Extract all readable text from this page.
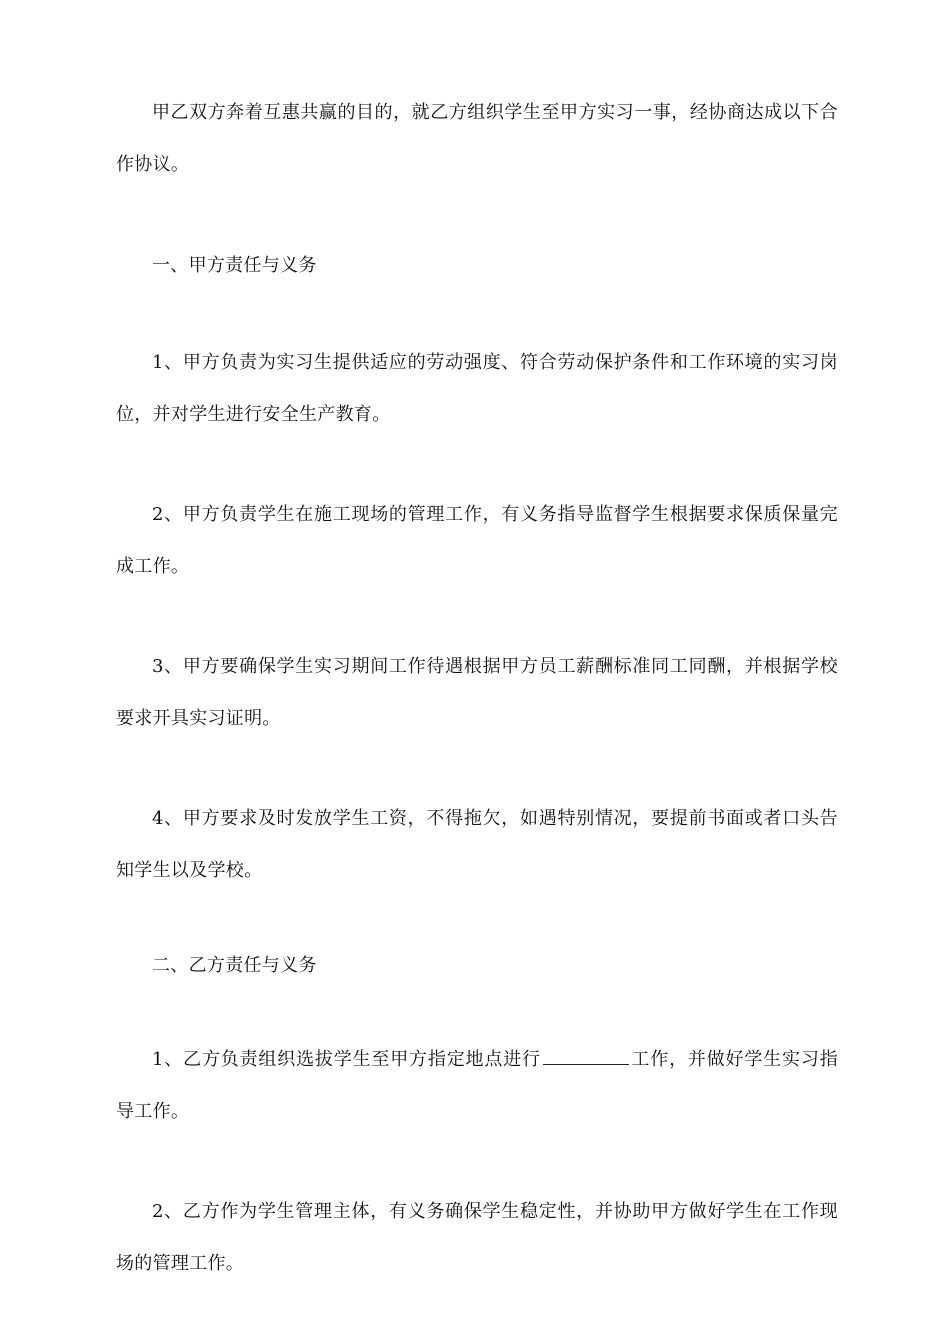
甲乙双方奔着互惠共赢的目的，就乙方组织学生至甲方实习一事，经协商达成以下合作协议。

一、甲方责任与义务

1、甲方负责为实习生提供适应的劳动强度、符合劳动保护条件和工作环境的实习岗位，并对学生进行安全生产教育。

2、甲方负责学生在施工现场的管理工作，有义务指导监督学生根据要求保质保量完成工作。

3、甲方要确保学生实习期间工作待遇根据甲方员工薪酬标准同工同酬，并根据学校要求开具实习证明。

4、甲方要求及时发放学生工资，不得拖欠，如遇特别情况，要提前书面或者口头告知学生以及学校。

二、乙方责任与义务

1、乙方负责组织选拔学生至甲方指定地点进行	工作，并做好学生实习指导工作。

2、乙方作为学生管理主体，有义务确保学生稳定性，并协助甲方做好学生在工作现场的管理工作。
